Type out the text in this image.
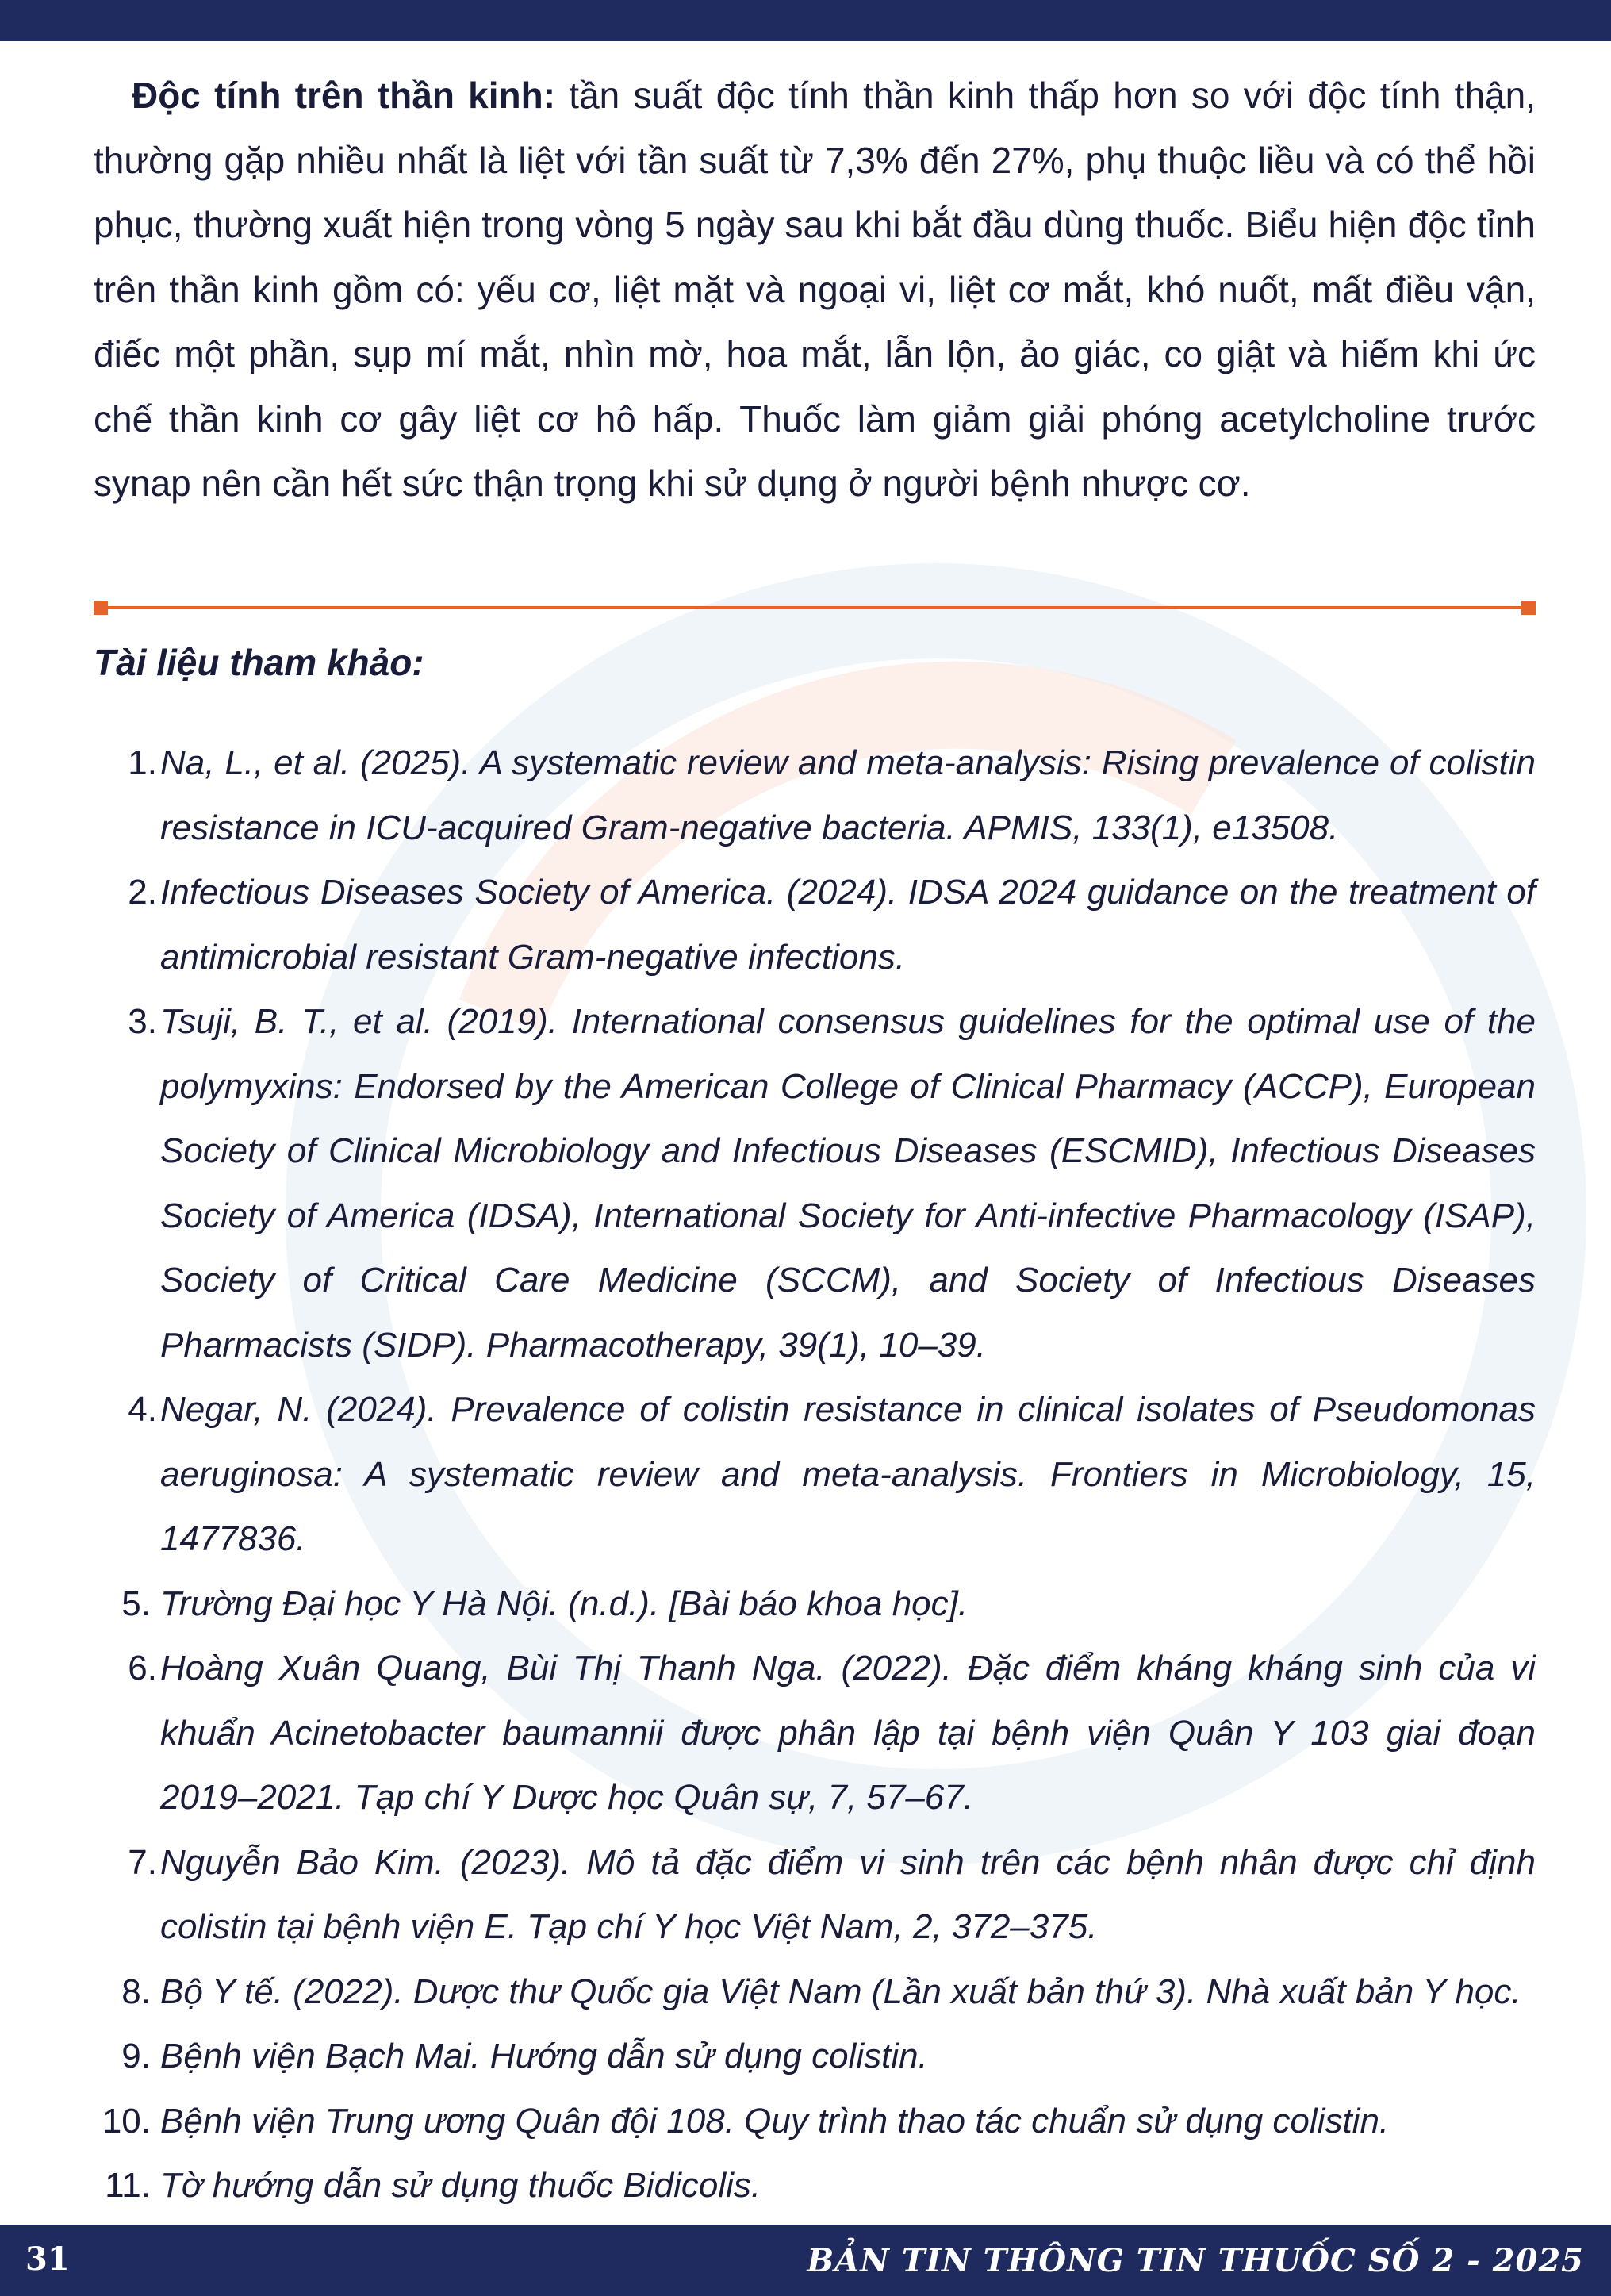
Độc tính trên thần kinh: tần suất độc tính thần kinh thấp hơn so với độc tính thận, thường gặp nhiều nhất là liệt với tần suất từ 7,3% đến 27%, phụ thuộc liều và có thể hồi phục, thường xuất hiện trong vòng 5 ngày sau khi bắt đầu dùng thuốc. Biểu hiện độc tỉnh trên thần kinh gồm có: yếu cơ, liệt mặt và ngoại vi, liệt cơ mắt, khó nuốt, mất điều vận, điếc một phần, sụp mí mắt, nhìn mờ, hoa mắt, lẫn lộn, ảo giác, co giật và hiếm khi ức chế thần kinh cơ gây liệt cơ hô hấp. Thuốc làm giảm giải phóng acetylcholine trước synap nên cần hết sức thận trọng khi sử dụng ở người bệnh nhược cơ.
Tài liệu tham khảo:
1. Na, L., et al. (2025). A systematic review and meta-analysis: Rising prevalence of colistin resistance in ICU-acquired Gram-negative bacteria. APMIS, 133(1), e13508.
2. Infectious Diseases Society of America. (2024). IDSA 2024 guidance on the treatment of antimicrobial resistant Gram-negative infections.
3. Tsuji, B. T., et al. (2019). International consensus guidelines for the optimal use of the polymyxins: Endorsed by the American College of Clinical Pharmacy (ACCP), European Society of Clinical Microbiology and Infectious Diseases (ESCMID), Infectious Diseases Society of America (IDSA), International Society for Anti-infective Pharmacology (ISAP), Society of Critical Care Medicine (SCCM), and Society of Infectious Diseases Pharmacists (SIDP). Pharmacotherapy, 39(1), 10–39.
4. Negar, N. (2024). Prevalence of colistin resistance in clinical isolates of Pseudomonas aeruginosa: A systematic review and meta-analysis. Frontiers in Microbiology, 15, 1477836.
5. Trường Đại học Y Hà Nội. (n.d.). [Bài báo khoa học].
6. Hoàng Xuân Quang, Bùi Thị Thanh Nga. (2022). Đặc điểm kháng kháng sinh của vi khuẩn Acinetobacter baumannii được phân lập tại bệnh viện Quân Y 103 giai đoạn 2019–2021. Tạp chí Y Dược học Quân sự, 7, 57–67.
7. Nguyễn Bảo Kim. (2023). Mô tả đặc điểm vi sinh trên các bệnh nhân được chỉ định colistin tại bệnh viện E. Tạp chí Y học Việt Nam, 2, 372–375.
8. Bộ Y tế. (2022). Dược thư Quốc gia Việt Nam (Lần xuất bản thứ 3). Nhà xuất bản Y học.
9. Bệnh viện Bạch Mai. Hướng dẫn sử dụng colistin.
10. Bệnh viện Trung ương Quân đội 108. Quy trình thao tác chuẩn sử dụng colistin.
11. Tờ hướng dẫn sử dụng thuốc Bidicolis.
31	BẢN TIN THÔNG TIN THUỐC SỐ 2 - 2025
